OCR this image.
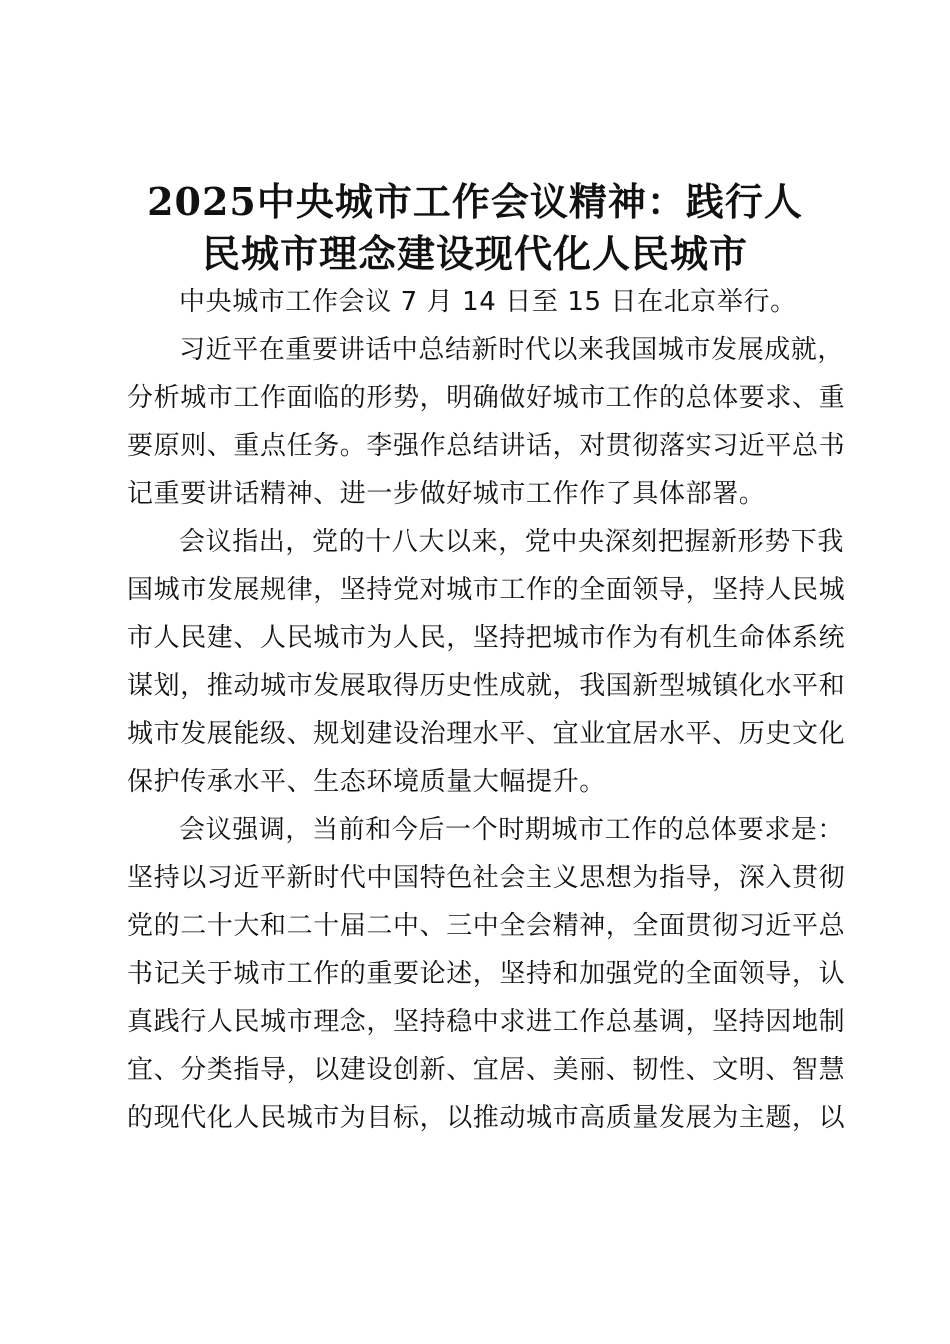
2025中央城市工作会议精神：践行人
民城市理念建设现代化人民城市

中央城市工作会议 7 月 14 日至 15 日在北京举行。

习近平在重要讲话中总结新时代以来我国城市发展成就，
分析城市工作面临的形势，明确做好城市工作的总体要求、重
要原则、重点任务。李强作总结讲话，对贯彻落实习近平总书
记重要讲话精神、进一步做好城市工作作了具体部署。

会议指出，党的十八大以来，党中央深刻把握新形势下我
国城市发展规律，坚持党对城市工作的全面领导，坚持人民城
市人民建、人民城市为人民，坚持把城市作为有机生命体系统
谋划，推动城市发展取得历史性成就，我国新型城镇化水平和
城市发展能级、规划建设治理水平、宜业宜居水平、历史文化
保护传承水平、生态环境质量大幅提升。

会议强调，当前和今后一个时期城市工作的总体要求是：
坚持以习近平新时代中国特色社会主义思想为指导，深入贯彻
党的二十大和二十届二中、三中全会精神，全面贯彻习近平总
书记关于城市工作的重要论述，坚持和加强党的全面领导，认
真践行人民城市理念，坚持稳中求进工作总基调，坚持因地制
宜、分类指导，以建设创新、宜居、美丽、韧性、文明、智慧
的现代化人民城市为目标，以推动城市高质量发展为主题，以
